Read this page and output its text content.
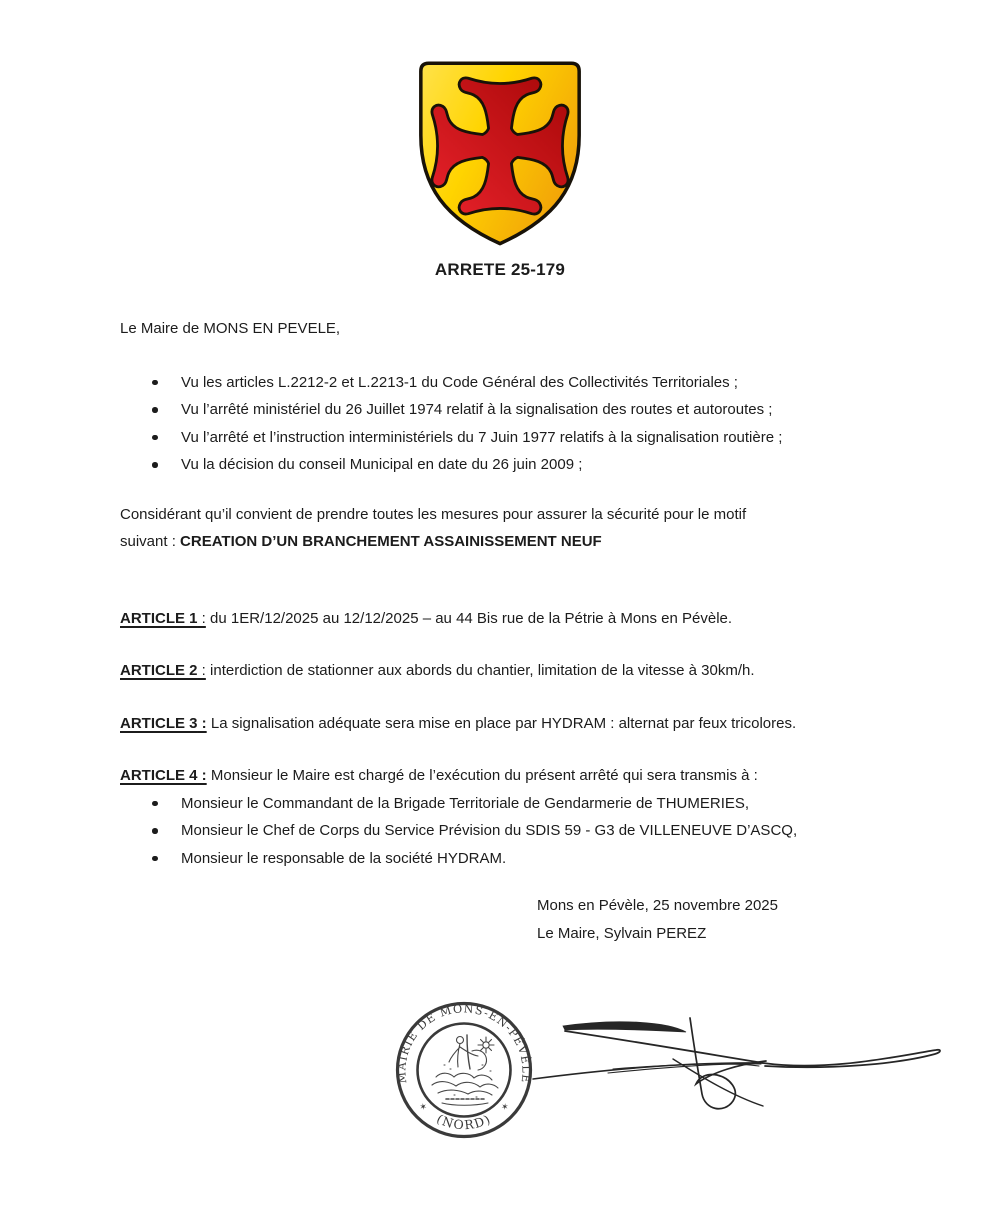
ARRETE 25-179
Le Maire de MONS EN PEVELE,
Vu les articles L.2212-2 et L.2213-1 du Code Général des Collectivités Territoriales ;
Vu l’arrêté ministériel du 26 Juillet 1974 relatif à la signalisation des routes et autoroutes ;
Vu l’arrêté et l’instruction interministériels du 7 Juin 1977 relatifs à la signalisation routière ;
Vu la décision du conseil Municipal en date du 26 juin 2009 ;
Considérant qu’il convient de prendre toutes les mesures pour assurer la sécurité pour le motif
suivant : CREATION D’UN BRANCHEMENT ASSAINISSEMENT NEUF
ARTICLE 1 : du 1ER/12/2025 au 12/12/2025 – au 44 Bis rue de la Pétrie à Mons en Pévèle.
ARTICLE 2 : interdiction de stationner aux abords du chantier, limitation de la vitesse à 30km/h.
ARTICLE 3 : La signalisation adéquate sera mise en place par HYDRAM : alternat par feux tricolores.
ARTICLE 4 : Monsieur le Maire est chargé de l’exécution du présent arrêté qui sera transmis à :
Monsieur le Commandant de la Brigade Territoriale de Gendarmerie de THUMERIES,
Monsieur le Chef de Corps du Service Prévision du SDIS 59 - G3 de VILLENEUVE D’ASCQ,
Monsieur le responsable de la société HYDRAM.
Mons en Pévèle, 25 novembre 2025
Le Maire, Sylvain PEREZ
MAIRIE DE MONS-EN-PÉVÈLE
(NORD)
✶	✶
